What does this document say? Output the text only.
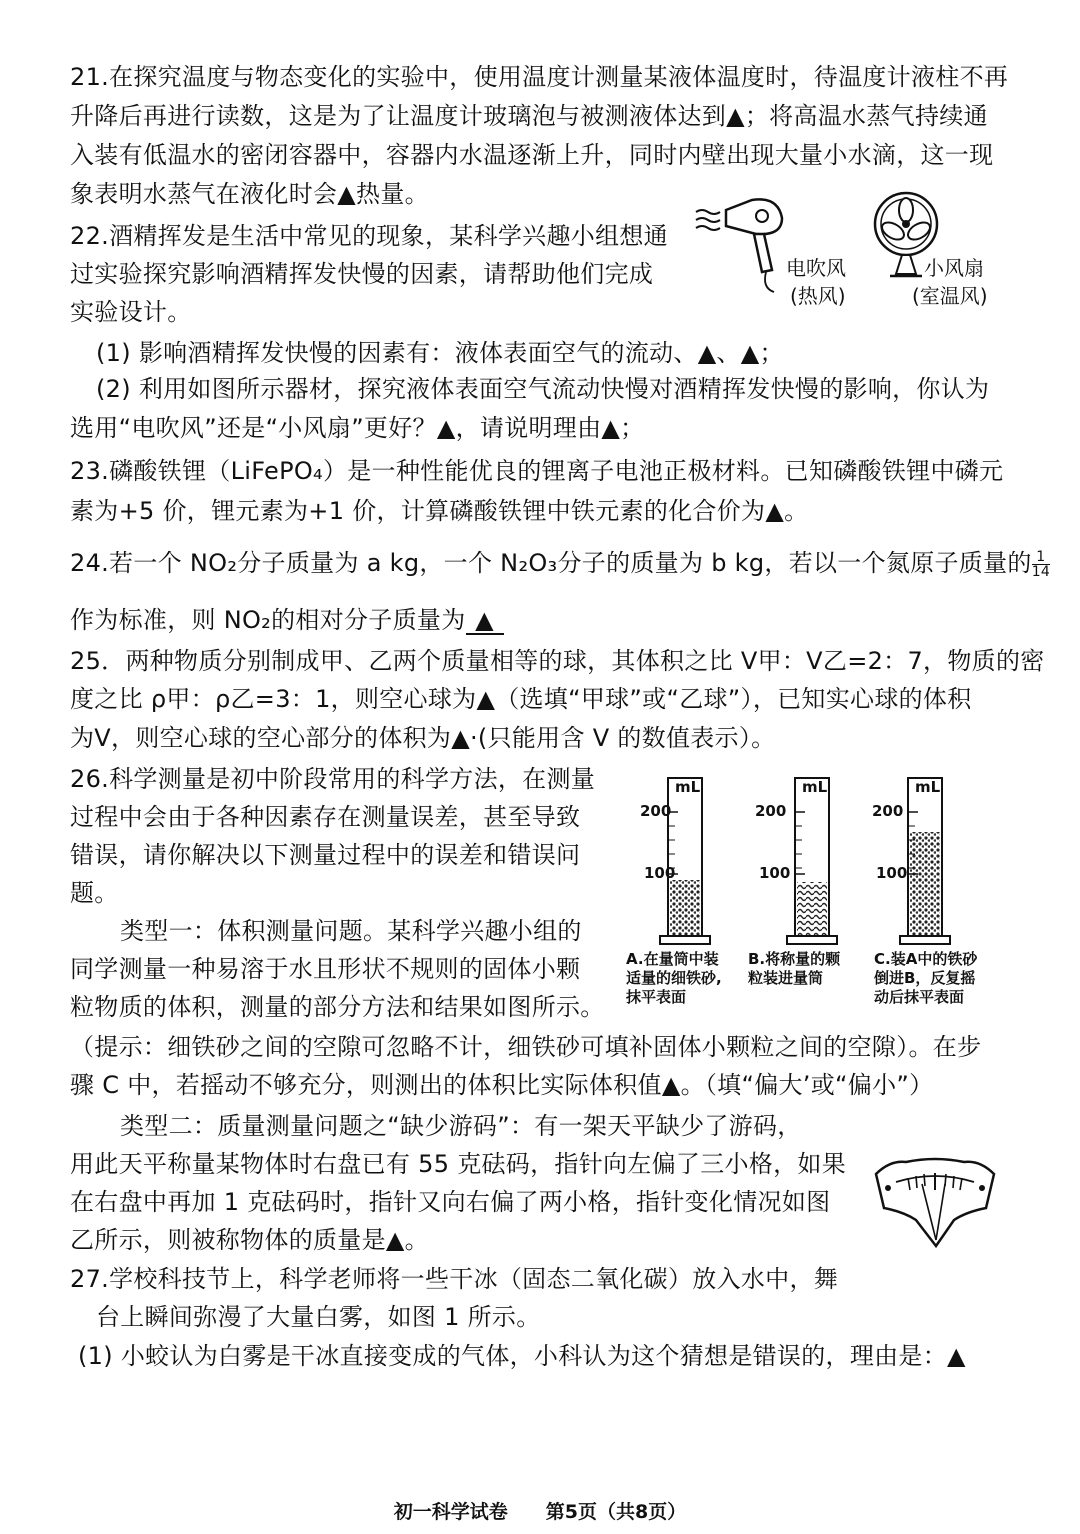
21.在探究温度与物态变化的实验中，使用温度计测量某液体温度时，待温度计液柱不再
升降后再进行读数，这是为了让温度计玻璃泡与被测液体达到▲；将高温水蒸气持续通
入装有低温水的密闭容器中，容器内水温逐渐上升，同时内壁出现大量小水滴，这一现
象表明水蒸气在液化时会▲热量。
22.酒精挥发是生活中常见的现象，某科学兴趣小组想通
过实验探究影响酒精挥发快慢的因素，请帮助他们完成
实验设计。
(1) 影响酒精挥发快慢的因素有：液体表面空气的流动、▲、▲；
(2) 利用如图所示器材，探究液体表面空气流动快慢对酒精挥发快慢的影响，你认为
选用“电吹风”还是“小风扇”更好？▲，请说明理由▲；
电吹风
(热风)
小风扇
(室温风)
23.磷酸铁锂（LiFePO₄）是一种性能优良的锂离子电池正极材料。已知磷酸铁锂中磷元
素为+5 价，锂元素为+1 价，计算磷酸铁锂中铁元素的化合价为▲。
24.若一个 NO₂分子质量为 a kg，一个 N₂O₃分子的质量为 b kg，若以一个氮原子质量的 $\frac{1}{14}$
作为标准，则 NO₂的相对分子质量为 ▲
25．两种物质分别制成甲、乙两个质量相等的球，其体积之比 V甲：V乙=2：7，物质的密
度之比 ρ甲：ρ乙=3：1，则空心球为▲（选填“甲球”或“乙球”），已知实心球的体积
为V，则空心球的空心部分的体积为▲·(只能用含 V 的数值表示）。
26.科学测量是初中阶段常用的科学方法，在测量
过程中会由于各种因素存在测量误差，甚至导致
错误，请你解决以下测量过程中的误差和错误问
题。
类型一：体积测量问题。某科学兴趣小组的
同学测量一种易溶于水且形状不规则的固体小颗
粒物质的体积，测量的部分方法和结果如图所示。
（提示：细铁砂之间的空隙可忽略不计，细铁砂可填补固体小颗粒之间的空隙）。在步
骤 C 中，若摇动不够充分，则测出的体积比实际体积值▲。（填“偏大’或“偏小”）
类型二：质量测量问题之“缺少游码”：有一架天平缺少了游码，
用此天平称量某物体时右盘已有 55 克砝码，指针向左偏了三小格，如果
在右盘中再加 1 克砝码时，指针又向右偏了两小格，指针变化情况如图
乙所示，则被称物体的质量是▲。
mL	mL	mL
200
100
200
100
200
100
A.在量筒中装
适量的细铁砂,
抹平表面
B.将称量的颗
粒装进量筒
C.装A中的铁砂
倒进B，反复摇
动后抹平表面
27.学校科技节上，科学老师将一些干冰（固态二氧化碳）放入水中，舞
台上瞬间弥漫了大量白雾，如图 1 所示。
(1) 小蛟认为白雾是干冰直接变成的气体，小科认为这个猜想是错误的，理由是：▲
初一科学试卷　　第5页（共8页）
